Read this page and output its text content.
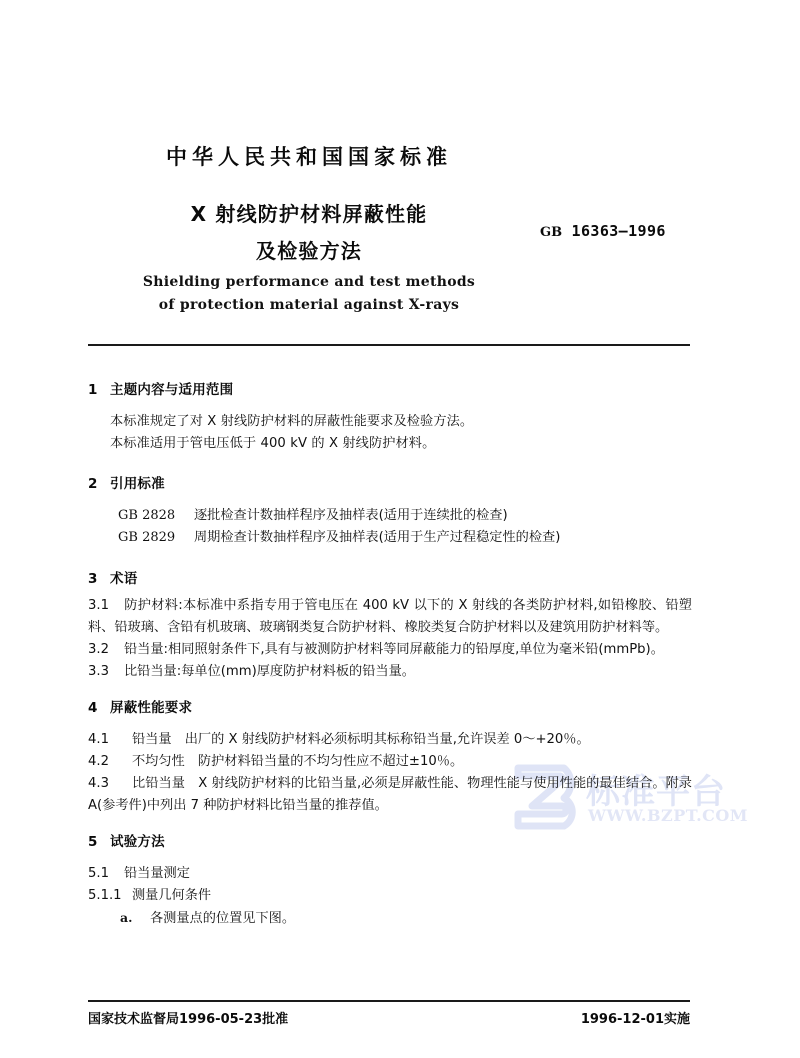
标准平台
WWW.BZPT.COM
中华人民共和国国家标准
X 射线防护材料屏蔽性能
及检验方法
GB 16363—1996
Shielding performance and test methods
of protection material against X-rays
1 主题内容与适用范围
本标准规定了对 X 射线防护材料的屏蔽性能要求及检验方法。
本标准适用于管电压低于 400 kV 的 X 射线防护材料。
2 引用标准
GB 2828 逐批检查计数抽样程序及抽样表(适用于连续批的检查)
GB 2829 周期检查计数抽样程序及抽样表(适用于生产过程稳定性的检查)
3 术语
3.1 防护材料:本标准中系指专用于管电压在 400 kV 以下的 X 射线的各类防护材料,如铅橡胶、铅塑料、铅玻璃、含铅有机玻璃、玻璃钢类复合防护材料、橡胶类复合防护材料以及建筑用防护材料等。
3.2 铅当量:相同照射条件下,具有与被测防护材料等同屏蔽能力的铅厚度,单位为毫米铅(mmPb)。
3.3 比铅当量:每单位(mm)厚度防护材料板的铅当量。
4 屏蔽性能要求
4.1 铅当量　出厂的 X 射线防护材料必须标明其标称铅当量,允许误差 0～+20％。
4.2 不均匀性　防护材料铅当量的不均匀性应不超过±10％。
4.3 比铅当量　X 射线防护材料的比铅当量,必须是屏蔽性能、物理性能与使用性能的最佳结合。附录A(参考件)中列出 7 种防护材料比铅当量的推荐值。
5 试验方法
5.1 铅当量测定
5.1.1 测量几何条件
a. 各测量点的位置见下图。
国家技术监督局1996-05-23批准	1996-12-01实施
